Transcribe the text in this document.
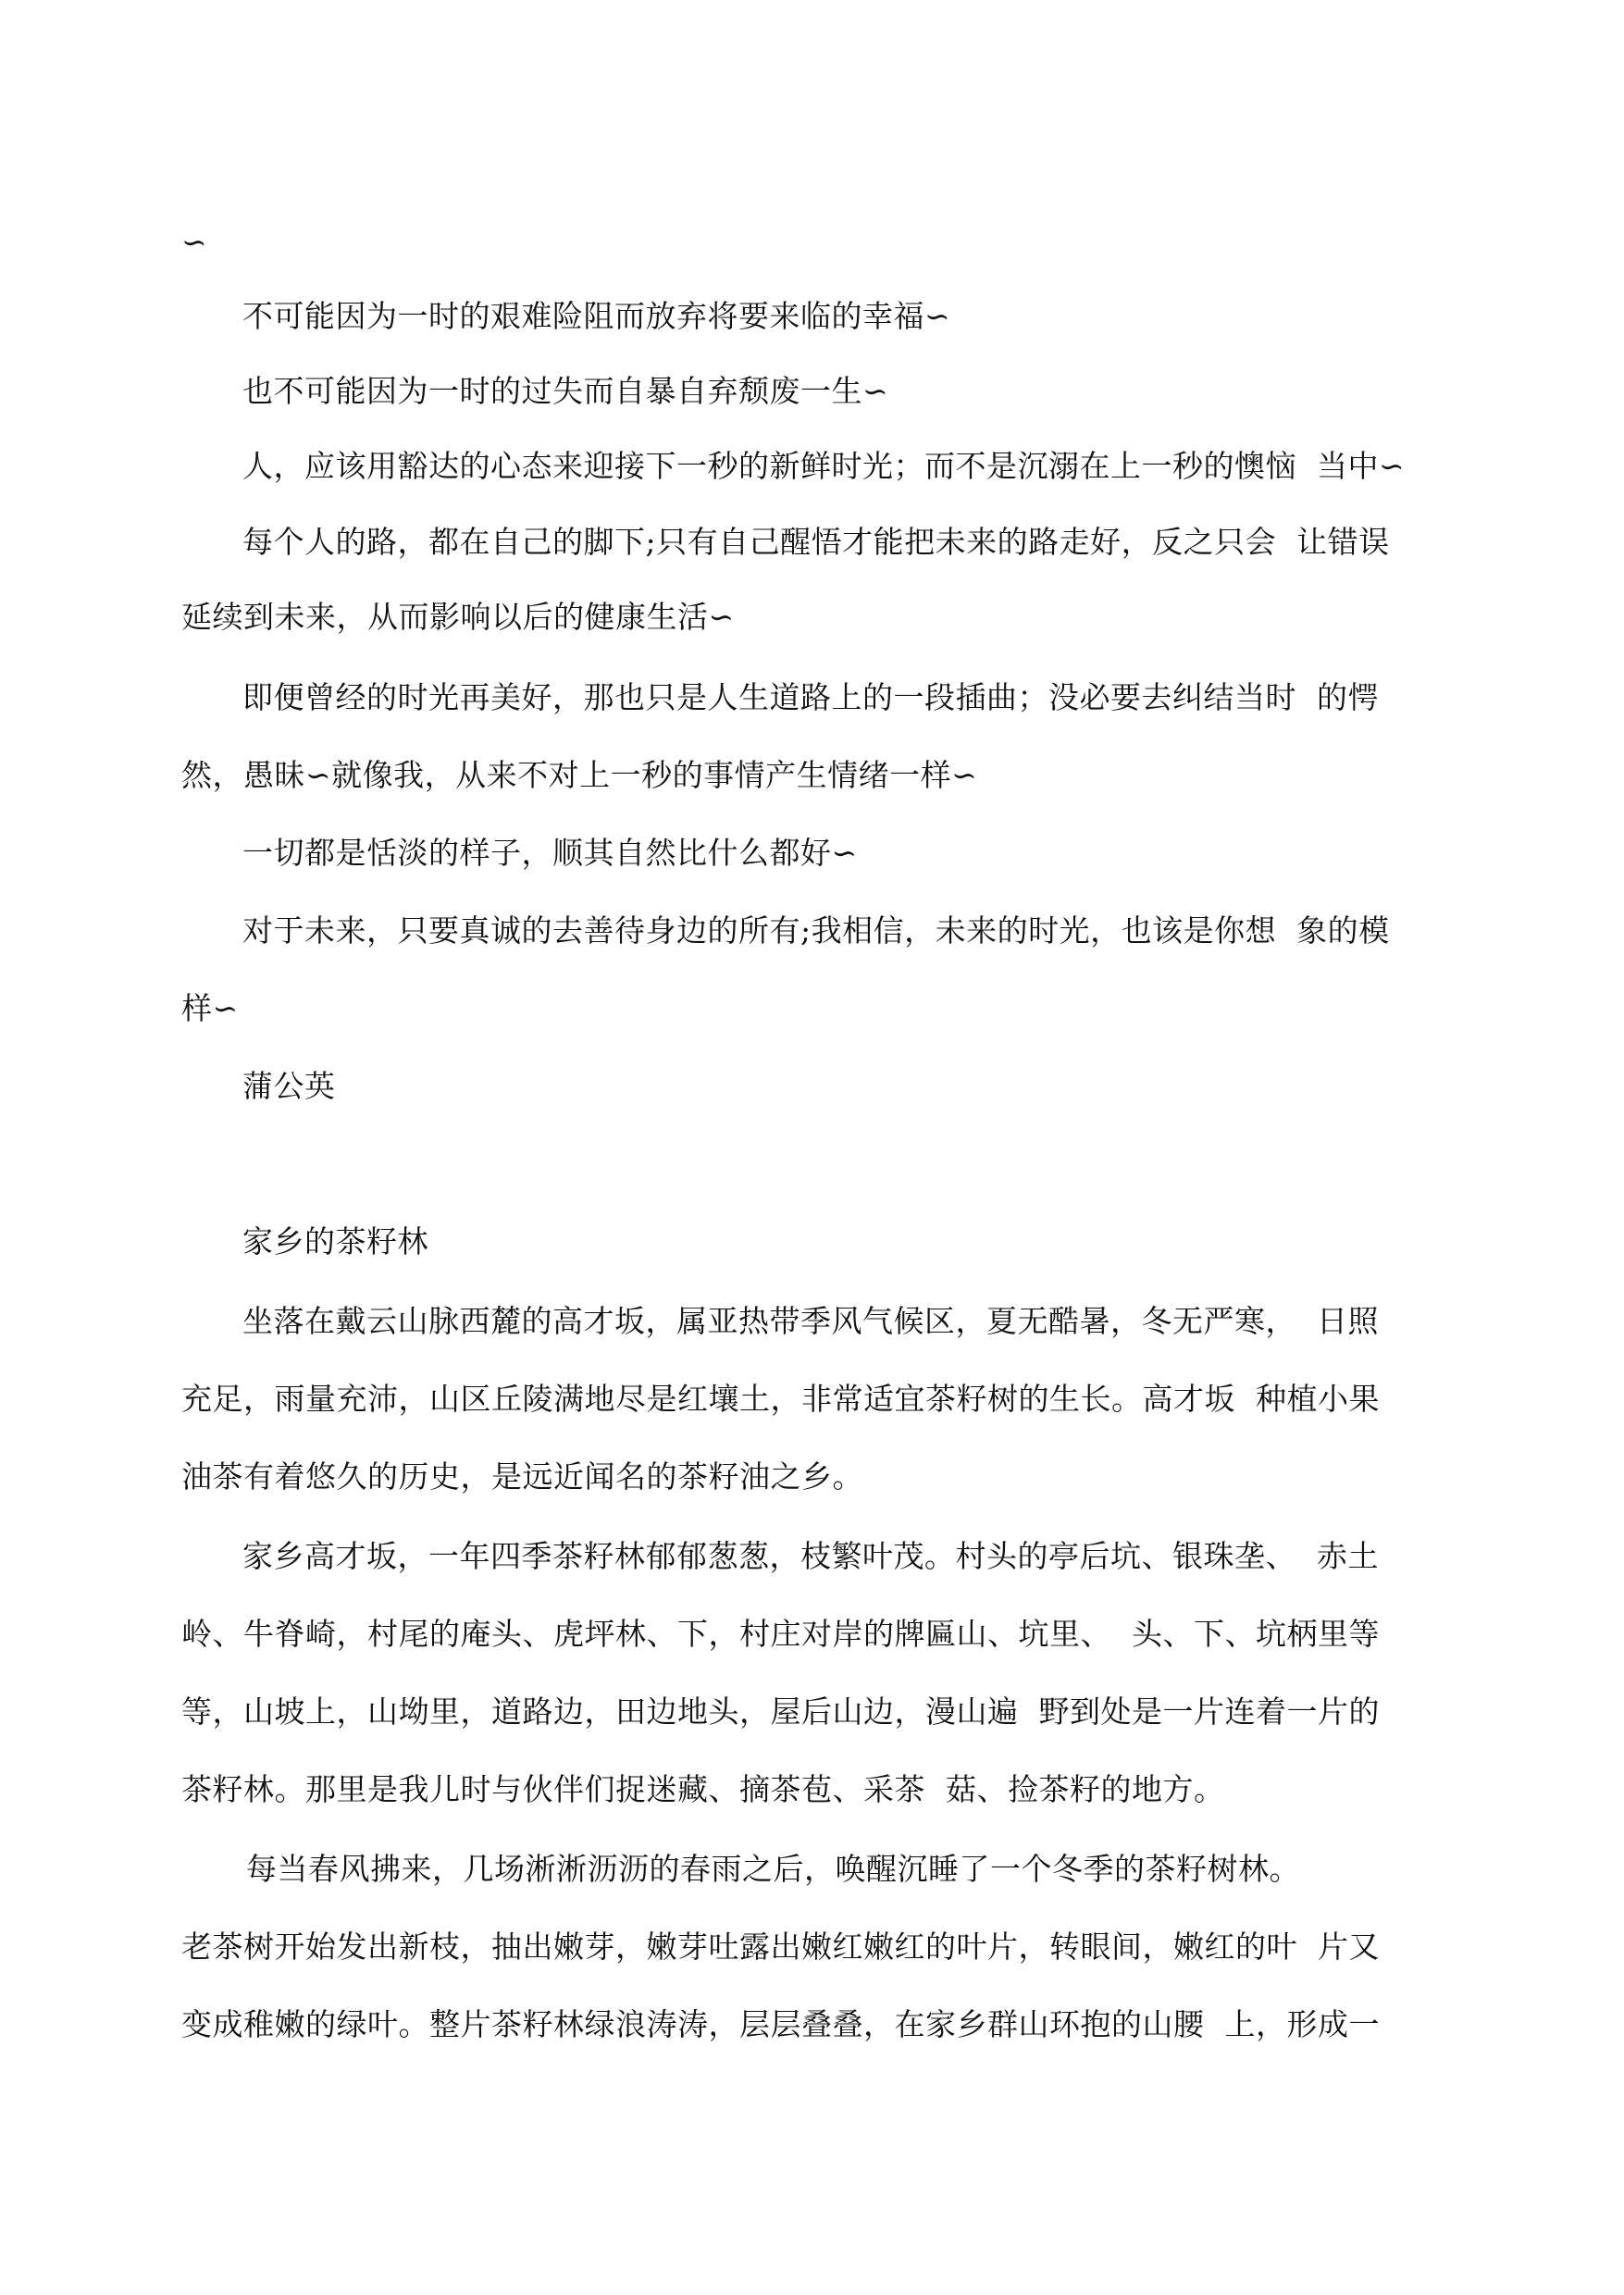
∽
不可能因为一时的艰难险阻而放弃将要来临的幸福∽
也不可能因为一时的过失而自暴自弃颓废一生∽
人，应该用豁达的心态来迎接下一秒的新鲜时光；而不是沉溺在上一秒的懊恼  当中∽
每个人的路，都在自己的脚下;只有自己醒悟才能把未来的路走好，反之只会  让错误
延续到未来，从而影响以后的健康生活∽
即便曾经的时光再美好，那也只是人生道路上的一段插曲；没必要去纠结当时  的愕
然，愚昧∽就像我，从来不对上一秒的事情产生情绪一样∽
一切都是恬淡的样子，顺其自然比什么都好∽
对于未来，只要真诚的去善待身边的所有;我相信，未来的时光，也该是你想  象的模
样∽
蒲公英
家乡的茶籽林
坐落在戴云山脉西麓的高才坂，属亚热带季风气候区，夏无酷暑，冬无严寒，  日照
充足，雨量充沛，山区丘陵满地尽是红壤土，非常适宜茶籽树的生长。高才坂  种植小果
油茶有着悠久的历史，是远近闻名的茶籽油之乡。
家乡高才坂，一年四季茶籽林郁郁葱葱，枝繁叶茂。村头的亭后坑、银珠垄、  赤土
岭、牛脊崎，村尾的庵头、虎坪林、下，村庄对岸的牌匾山、坑里、  头、下、坑柄里等
等，山坡上，山坳里，道路边，田边地头，屋后山边，漫山遍  野到处是一片连着一片的
茶籽林。那里是我儿时与伙伴们捉迷藏、摘茶苞、采茶  菇、捡茶籽的地方。
每当春风拂来，几场淅淅沥沥的春雨之后，唤醒沉睡了一个冬季的茶籽树林。
老茶树开始发出新枝，抽出嫩芽，嫩芽吐露出嫩红嫩红的叶片，转眼间，嫩红的叶  片又
变成稚嫩的绿叶。整片茶籽林绿浪涛涛，层层叠叠，在家乡群山环抱的山腰  上，形成一
